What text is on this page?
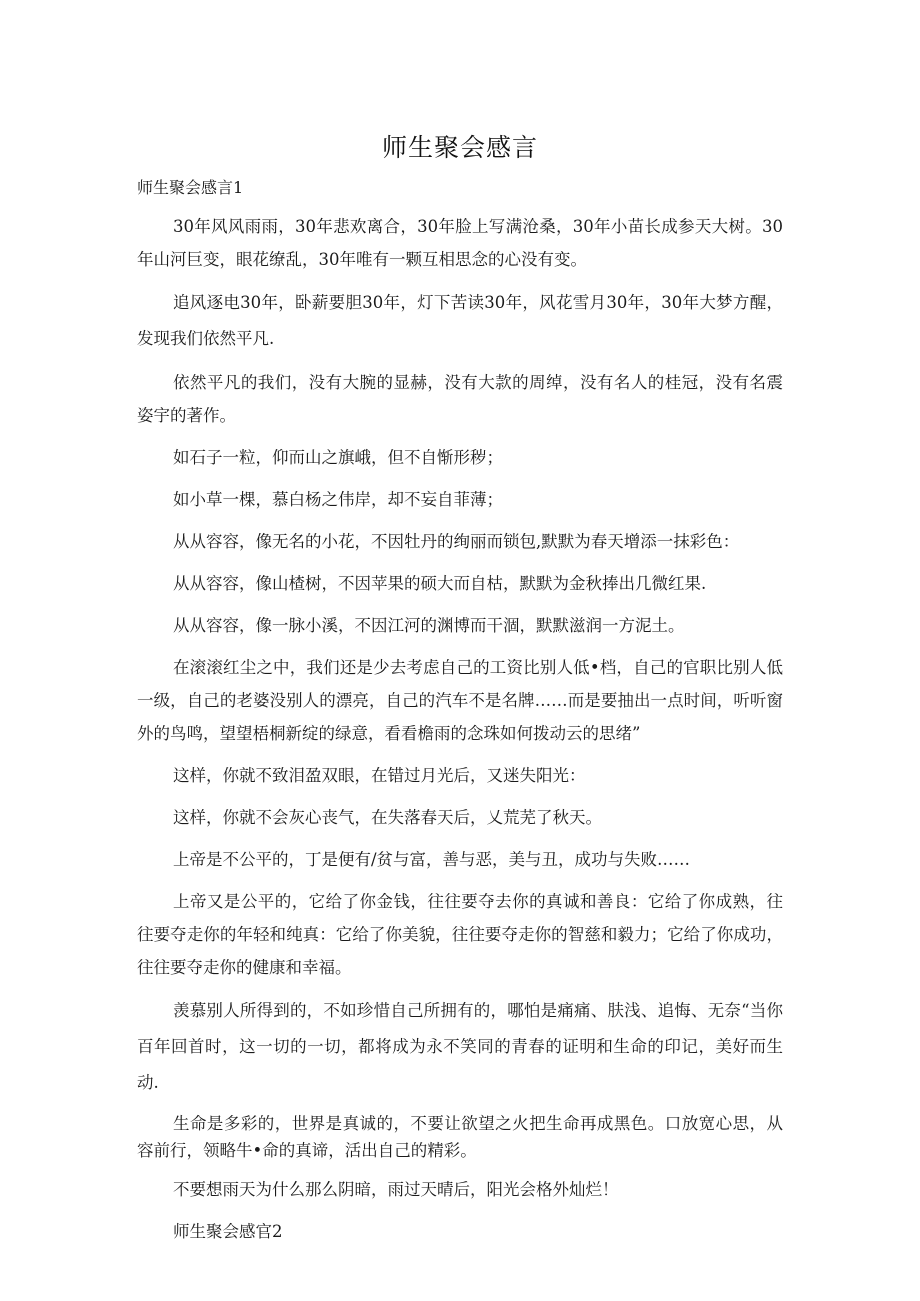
师生聚会感言

师生聚会感言1

30年风风雨雨，30年悲欢离合，30年脸上写满沧桑，30年小苗长成参天大树。30年山河巨变，眼花缭乱，30年唯有一颗互相思念的心没有变。

追风逐电30年，卧薪要胆30年，灯下苦读30年，风花雪月30年，30年大梦方醒，发现我们依然平凡.

依然平凡的我们，没有大腕的显赫，没有大款的周绰，没有名人的桂冠，没有名震姿宇的著作。

如石子一粒，仰而山之旗峨，但不自惭形秽；

如小草一棵，慕白杨之伟岸，却不妄自菲薄；

从从容容，像无名的小花，不因牡丹的绚丽而锁包,默默为春天增添一抹彩色：

从从容容，像山楂树，不因苹果的硕大而自枯，默默为金秋捧出几微红果.

从从容容，像一脉小溪，不因江河的渊博而干涸，默默滋润一方泥土。

在滚滚红尘之中，我们还是少去考虑自己的工资比别人低•档，自己的官职比别人低一级，自己的老婆没别人的漂亮，自己的汽车不是名牌……而是要抽出一点时间，听听窗外的鸟鸣，望望梧桐新绽的绿意，看看檐雨的念珠如何拨动云的思绪”

这样，你就不致泪盈双眼，在错过月光后，又迷失阳光：

这样，你就不会灰心丧气，在失落春天后，乂荒芜了秋天。

上帝是不公平的，丁是便有/贫与富，善与恶，美与丑，成功与失败……

上帝又是公平的，它给了你金钱，往往要夺去你的真诚和善良：它给了你成熟，往往要夺走你的年轻和纯真：它给了你美貌，往往要夺走你的智慈和毅力；它给了你成功，往往要夺走你的健康和幸福。

羡慕别人所得到的，不如珍惜自己所拥有的，哪怕是痛痛、肤浅、追悔、无奈“当你百年回首时，这一切的一切，都将成为永不笑同的青春的证明和生命的印记，美好而生动.

生命是多彩的，世界是真诚的，不要让欲望之火把生命再成黑色。口放宽心思，从容前行，领略牛•命的真谛，活出自己的精彩。

不要想雨天为什么那么阴暗，雨过天晴后，阳光会格外灿烂！

师生聚会感官2
